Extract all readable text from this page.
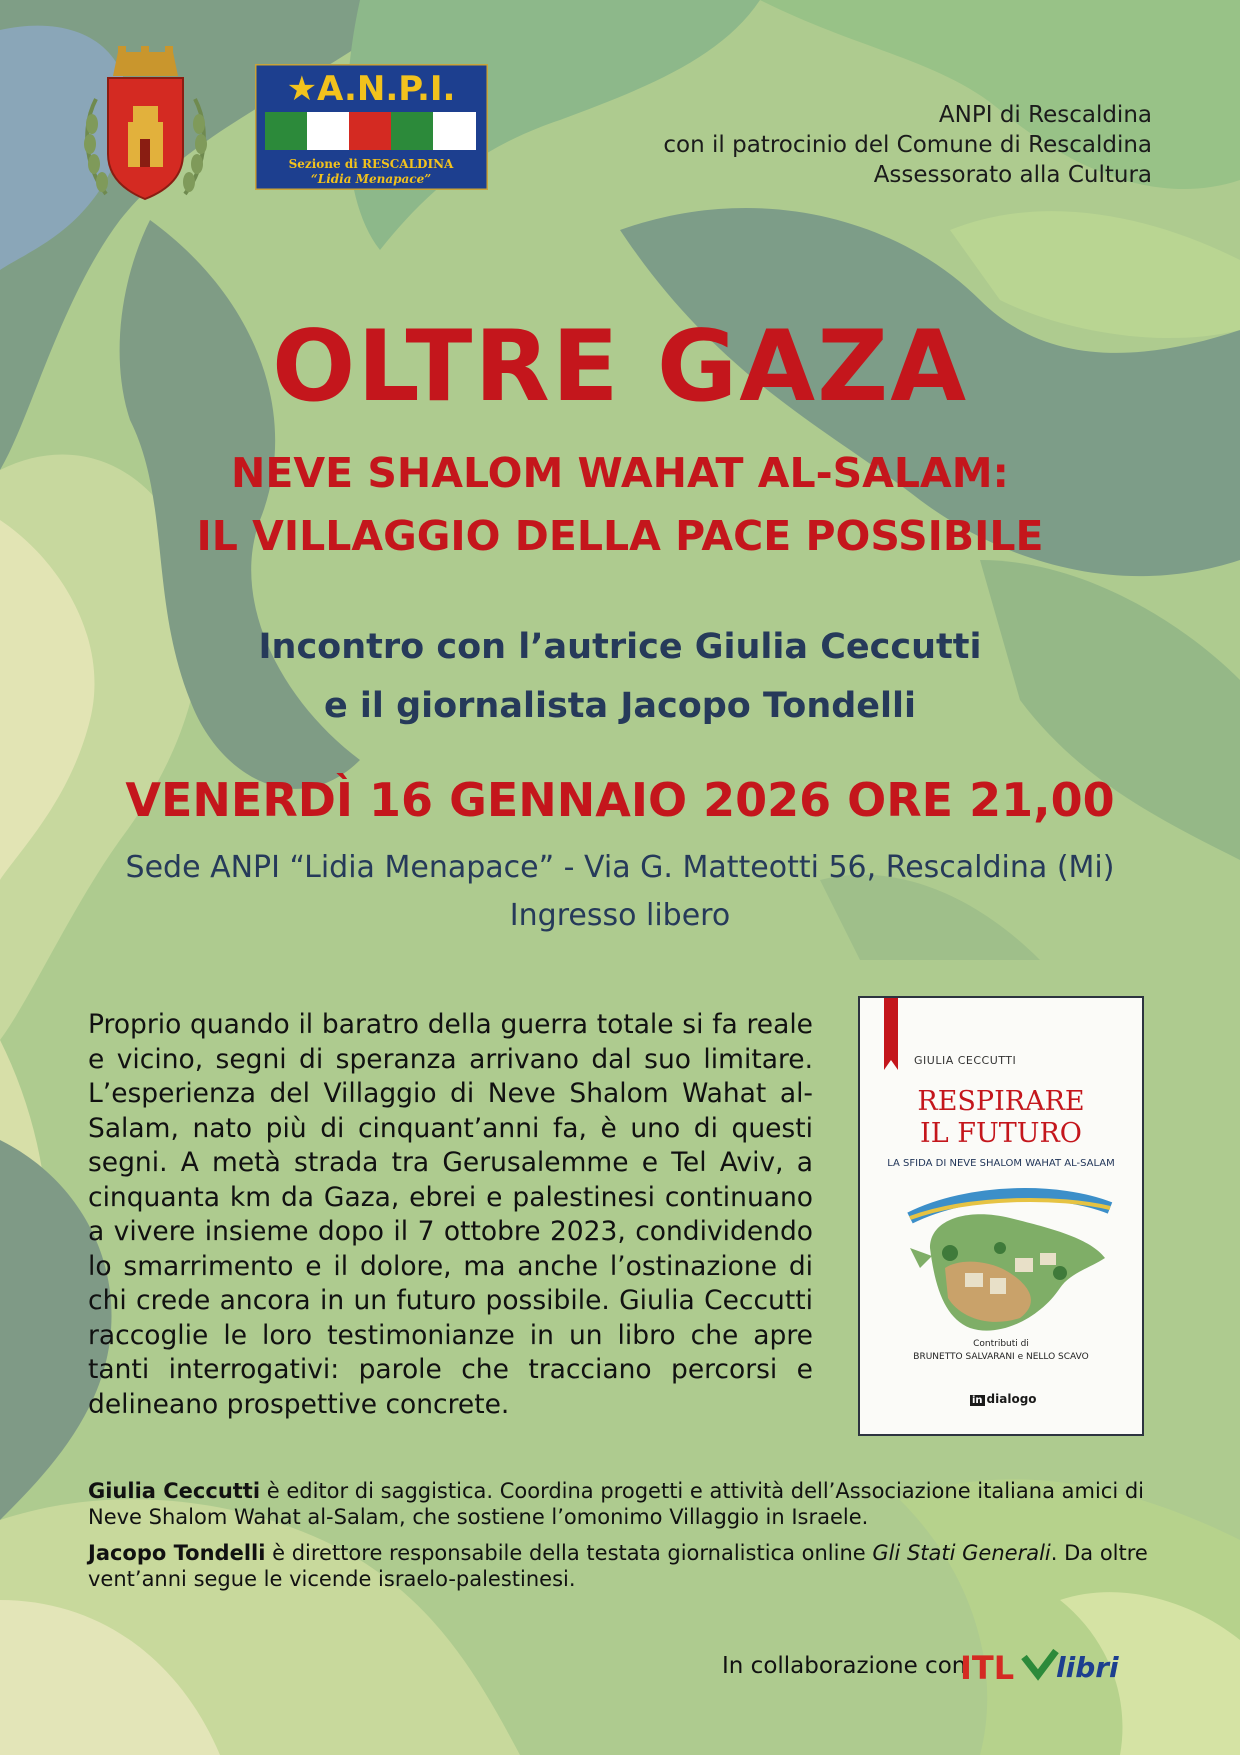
★A.N.P.I.
Sezione di RESCALDINA
“Lidia Menapace”
ANPI di Rescaldina
con il patrocinio del Comune di Rescaldina
Assessorato alla Cultura
OLTRE GAZA
NEVE SHALOM WAHAT AL-SALAM:
IL VILLAGGIO DELLA PACE POSSIBILE
Incontro con l’autrice Giulia Ceccutti
e il giornalista Jacopo Tondelli
VENERDÌ 16 GENNAIO 2026 ORE 21,00
Sede ANPI “Lidia Menapace” - Via G. Matteotti 56, Rescaldina (Mi)
Ingresso libero
Proprio quando il baratro della guerra totale si fa reale e vicino, segni di speranza arrivano dal suo limitare. L’esperienza del Villaggio di Neve Shalom Wahat al-Salam, nato più di cinquant’anni fa, è uno di questi segni. A metà strada tra Gerusalemme e Tel Aviv, a cinquanta km da Gaza, ebrei e palestinesi continuano a vivere insieme dopo il 7 ottobre 2023, condividendo lo smarrimento e il dolore, ma anche l’ostinazione di chi crede ancora in un futuro possibile. Giulia Ceccutti raccoglie le loro testimonianze in un libro che apre tanti interrogativi: parole che tracciano percorsi e delineano prospettive concrete.
GIULIA CECCUTTI
RESPIRARE
IL FUTURO
LA SFIDA DI NEVE SHALOM WAHAT AL-SALAM
Contributi di
BRUNETTO SALVARANI e NELLO SCAVO
in dialogo

Giulia Ceccutti è editor di saggistica. Coordina progetti e attività dell’Associazione italiana amici di Neve Shalom Wahat al-Salam, che sostiene l’omonimo Villaggio in Israele.

Jacopo Tondelli è direttore responsabile della testata giornalistica online Gli Stati Generali. Da oltre vent’anni segue le vicende israelo-palestinesi.

In collaborazione con
ITL libri
